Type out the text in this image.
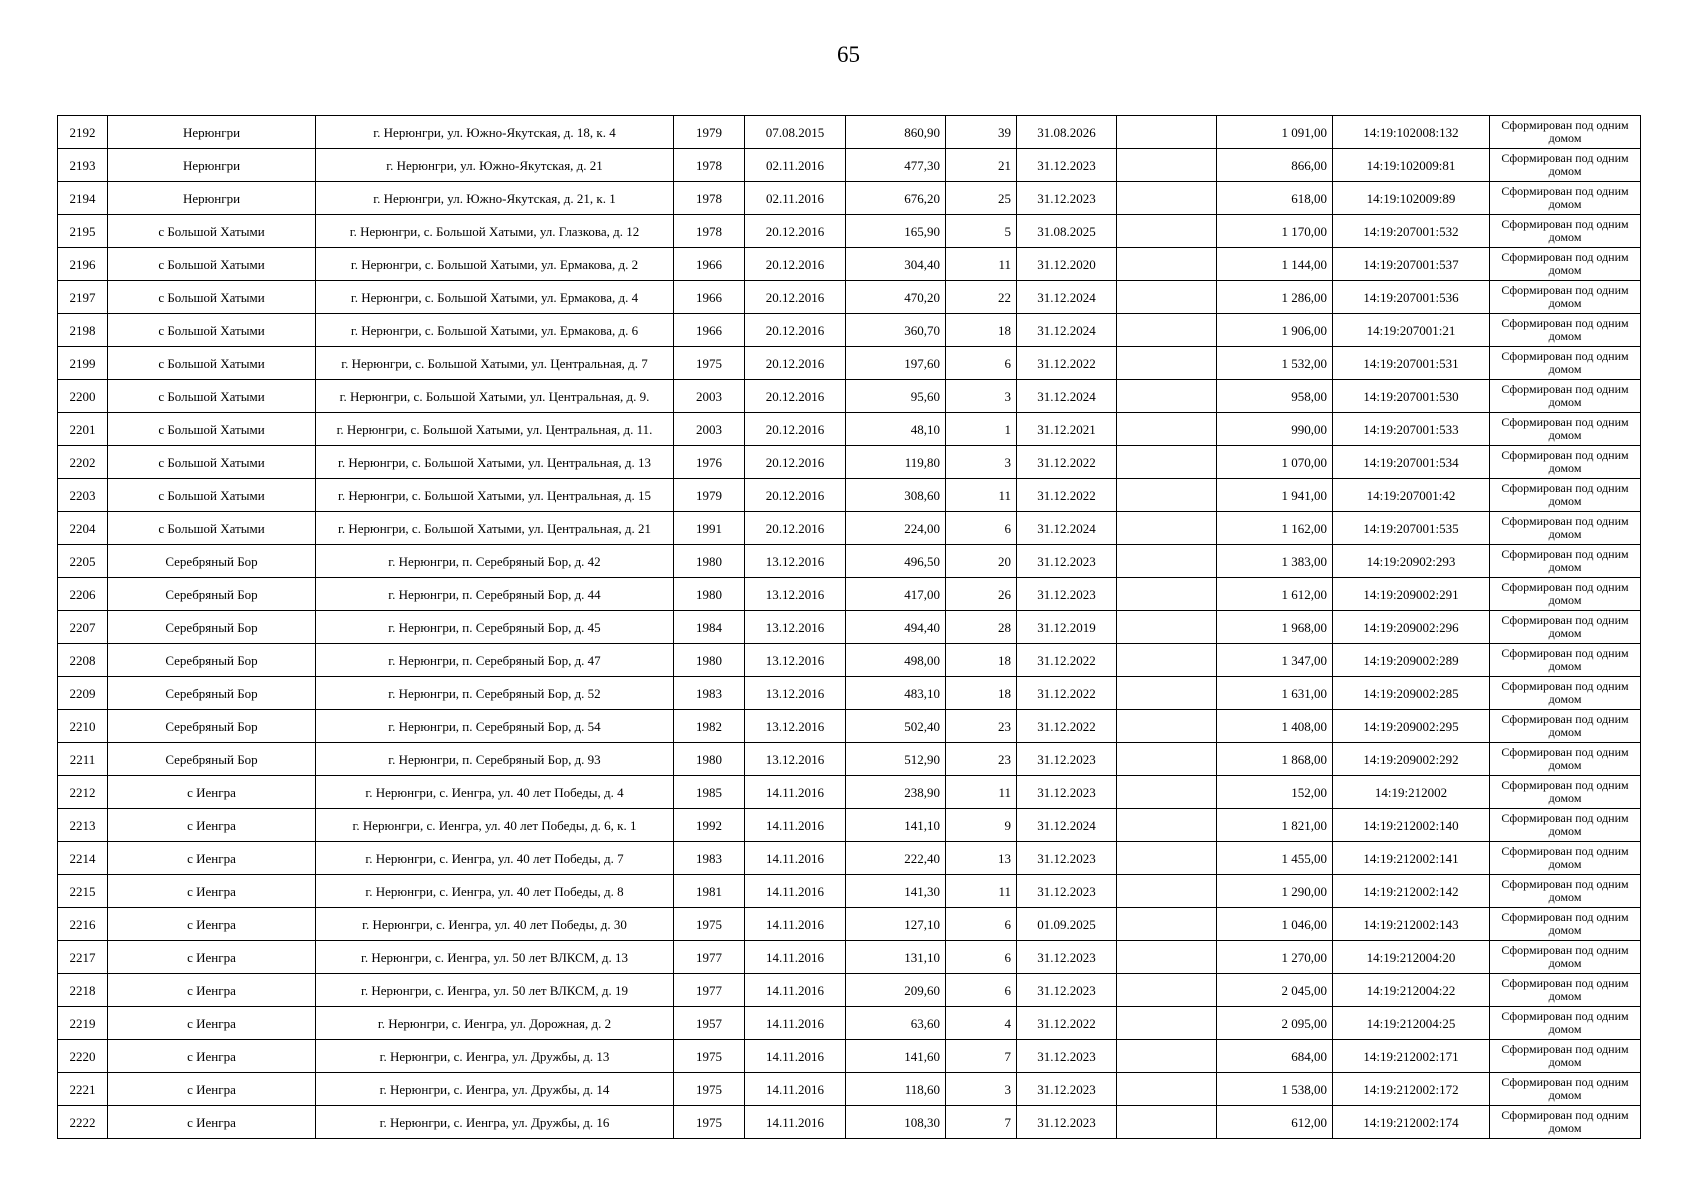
65
2192	Нерюнгри	г. Нерюнгри, ул. Южно-Якутская, д. 18, к. 4	1979	07.08.2015	860,90	39	31.08.2026		1 091,00	14:19:102008:132	Сформирован под одним домом
2193	Нерюнгри	г. Нерюнгри, ул. Южно-Якутская, д. 21	1978	02.11.2016	477,30	21	31.12.2023		866,00	14:19:102009:81	Сформирован под одним домом
2194	Нерюнгри	г. Нерюнгри, ул. Южно-Якутская, д. 21, к. 1	1978	02.11.2016	676,20	25	31.12.2023		618,00	14:19:102009:89	Сформирован под одним домом
2195	с Большой Хатыми	г. Нерюнгри, с. Большой Хатыми, ул. Глазкова, д. 12	1978	20.12.2016	165,90	5	31.08.2025		1 170,00	14:19:207001:532	Сформирован под одним домом
2196	с Большой Хатыми	г. Нерюнгри, с. Большой Хатыми, ул. Ермакова, д. 2	1966	20.12.2016	304,40	11	31.12.2020		1 144,00	14:19:207001:537	Сформирован под одним домом
2197	с Большой Хатыми	г. Нерюнгри, с. Большой Хатыми, ул. Ермакова, д. 4	1966	20.12.2016	470,20	22	31.12.2024		1 286,00	14:19:207001:536	Сформирован под одним домом
2198	с Большой Хатыми	г. Нерюнгри, с. Большой Хатыми, ул. Ермакова, д. 6	1966	20.12.2016	360,70	18	31.12.2024		1 906,00	14:19:207001:21	Сформирован под одним домом
2199	с Большой Хатыми	г. Нерюнгри, с. Большой Хатыми, ул. Центральная, д. 7	1975	20.12.2016	197,60	6	31.12.2022		1 532,00	14:19:207001:531	Сформирован под одним домом
2200	с Большой Хатыми	г. Нерюнгри, с. Большой Хатыми, ул. Центральная, д. 9.	2003	20.12.2016	95,60	3	31.12.2024		958,00	14:19:207001:530	Сформирован под одним домом
2201	с Большой Хатыми	г. Нерюнгри, с. Большой Хатыми, ул. Центральная, д. 11.	2003	20.12.2016	48,10	1	31.12.2021		990,00	14:19:207001:533	Сформирован под одним домом
2202	с Большой Хатыми	г. Нерюнгри, с. Большой Хатыми, ул. Центральная, д. 13	1976	20.12.2016	119,80	3	31.12.2022		1 070,00	14:19:207001:534	Сформирован под одним домом
2203	с Большой Хатыми	г. Нерюнгри, с. Большой Хатыми, ул. Центральная, д. 15	1979	20.12.2016	308,60	11	31.12.2022		1 941,00	14:19:207001:42	Сформирован под одним домом
2204	с Большой Хатыми	г. Нерюнгри, с. Большой Хатыми, ул. Центральная, д. 21	1991	20.12.2016	224,00	6	31.12.2024		1 162,00	14:19:207001:535	Сформирован под одним домом
2205	Серебряный Бор	г. Нерюнгри, п. Серебряный Бор, д. 42	1980	13.12.2016	496,50	20	31.12.2023		1 383,00	14:19:20902:293	Сформирован под одним домом
2206	Серебряный Бор	г. Нерюнгри, п. Серебряный Бор, д. 44	1980	13.12.2016	417,00	26	31.12.2023		1 612,00	14:19:209002:291	Сформирован под одним домом
2207	Серебряный Бор	г. Нерюнгри, п. Серебряный Бор, д. 45	1984	13.12.2016	494,40	28	31.12.2019		1 968,00	14:19:209002:296	Сформирован под одним домом
2208	Серебряный Бор	г. Нерюнгри, п. Серебряный Бор, д. 47	1980	13.12.2016	498,00	18	31.12.2022		1 347,00	14:19:209002:289	Сформирован под одним домом
2209	Серебряный Бор	г. Нерюнгри, п. Серебряный Бор, д. 52	1983	13.12.2016	483,10	18	31.12.2022		1 631,00	14:19:209002:285	Сформирован под одним домом
2210	Серебряный Бор	г. Нерюнгри, п. Серебряный Бор, д. 54	1982	13.12.2016	502,40	23	31.12.2022		1 408,00	14:19:209002:295	Сформирован под одним домом
2211	Серебряный Бор	г. Нерюнгри, п. Серебряный Бор, д. 93	1980	13.12.2016	512,90	23	31.12.2023		1 868,00	14:19:209002:292	Сформирован под одним домом
2212	с Иенгра	г. Нерюнгри, с. Иенгра, ул. 40 лет Победы, д. 4	1985	14.11.2016	238,90	11	31.12.2023		152,00	14:19:212002	Сформирован под одним домом
2213	с Иенгра	г. Нерюнгри, с. Иенгра, ул. 40 лет Победы, д. 6, к. 1	1992	14.11.2016	141,10	9	31.12.2024		1 821,00	14:19:212002:140	Сформирован под одним домом
2214	с Иенгра	г. Нерюнгри, с. Иенгра, ул. 40 лет Победы, д. 7	1983	14.11.2016	222,40	13	31.12.2023		1 455,00	14:19:212002:141	Сформирован под одним домом
2215	с Иенгра	г. Нерюнгри, с. Иенгра, ул. 40 лет Победы, д. 8	1981	14.11.2016	141,30	11	31.12.2023		1 290,00	14:19:212002:142	Сформирован под одним домом
2216	с Иенгра	г. Нерюнгри, с. Иенгра, ул. 40 лет Победы, д. 30	1975	14.11.2016	127,10	6	01.09.2025		1 046,00	14:19:212002:143	Сформирован под одним домом
2217	с Иенгра	г. Нерюнгри, с. Иенгра, ул. 50 лет ВЛКСМ, д. 13	1977	14.11.2016	131,10	6	31.12.2023		1 270,00	14:19:212004:20	Сформирован под одним домом
2218	с Иенгра	г. Нерюнгри, с. Иенгра, ул. 50 лет ВЛКСМ, д. 19	1977	14.11.2016	209,60	6	31.12.2023		2 045,00	14:19:212004:22	Сформирован под одним домом
2219	с Иенгра	г. Нерюнгри, с. Иенгра, ул. Дорожная, д. 2	1957	14.11.2016	63,60	4	31.12.2022		2 095,00	14:19:212004:25	Сформирован под одним домом
2220	с Иенгра	г. Нерюнгри, с. Иенгра, ул. Дружбы, д. 13	1975	14.11.2016	141,60	7	31.12.2023		684,00	14:19:212002:171	Сформирован под одним домом
2221	с Иенгра	г. Нерюнгри, с. Иенгра, ул. Дружбы, д. 14	1975	14.11.2016	118,60	3	31.12.2023		1 538,00	14:19:212002:172	Сформирован под одним домом
2222	с Иенгра	г. Нерюнгри, с. Иенгра, ул. Дружбы, д. 16	1975	14.11.2016	108,30	7	31.12.2023		612,00	14:19:212002:174	Сформирован под одним домом
